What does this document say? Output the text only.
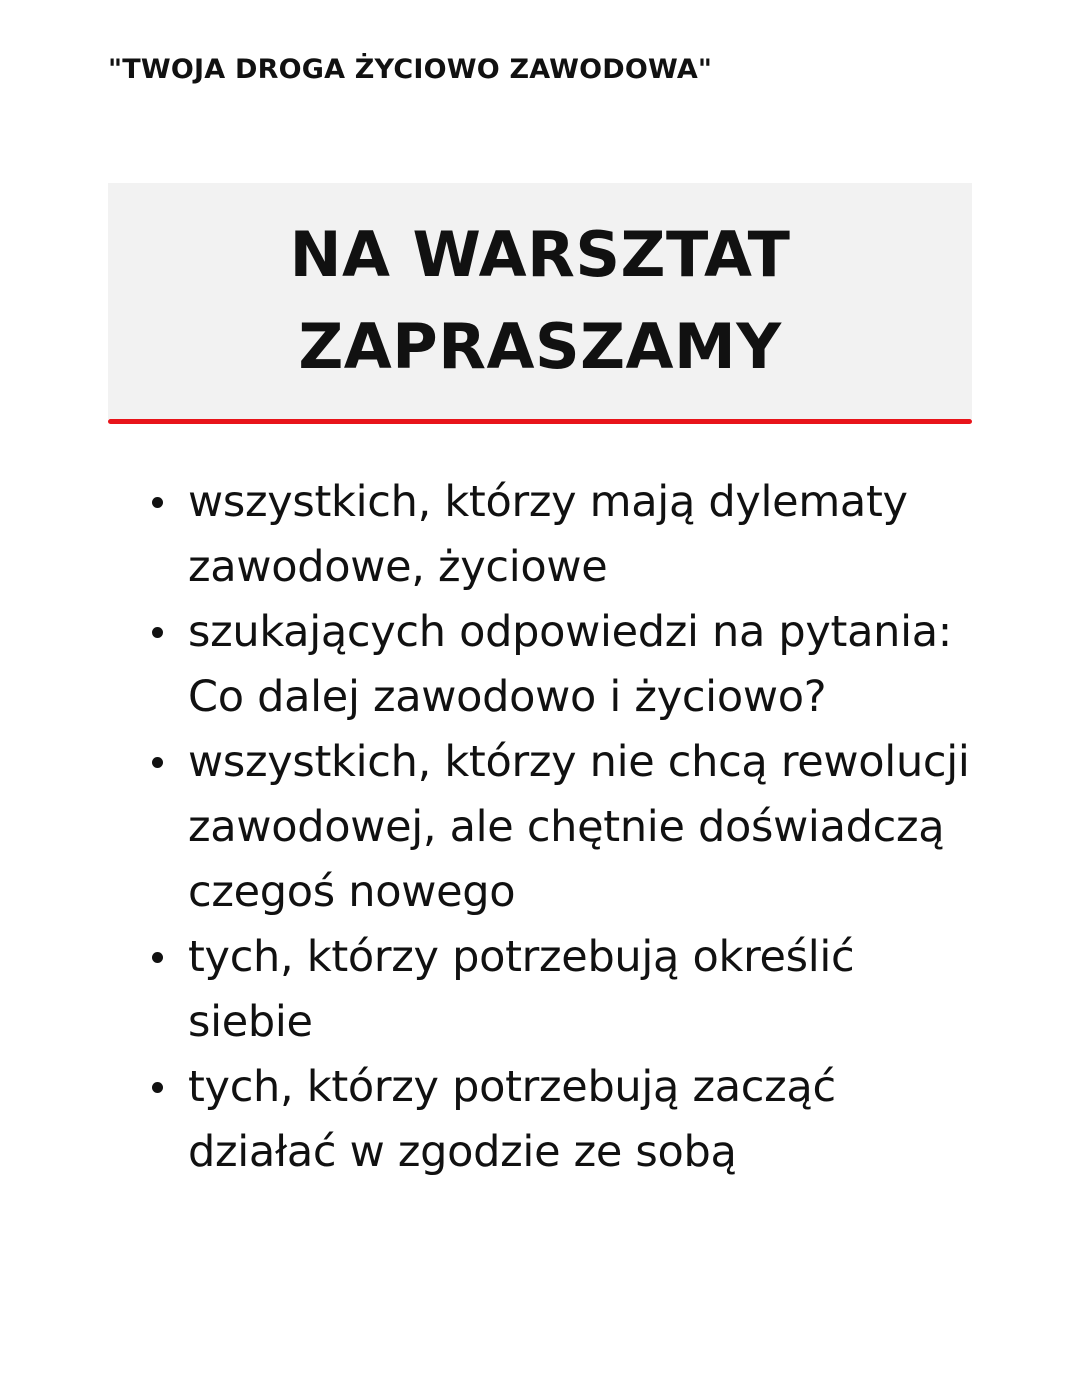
"TWOJA DROGA ŻYCIOWO ZAWODOWA"
NA WARSZTAT
ZAPRASZAMY
wszystkich, którzy mają dylematy
zawodowe, życiowe
szukających odpowiedzi na pytania:
Co dalej zawodowo i życiowo?
wszystkich, którzy nie chcą rewolucji
zawodowej, ale chętnie doświadczą
czegoś nowego
tych, którzy potrzebują określić
siebie
tych, którzy potrzebują zacząć
działać w zgodzie ze sobą
